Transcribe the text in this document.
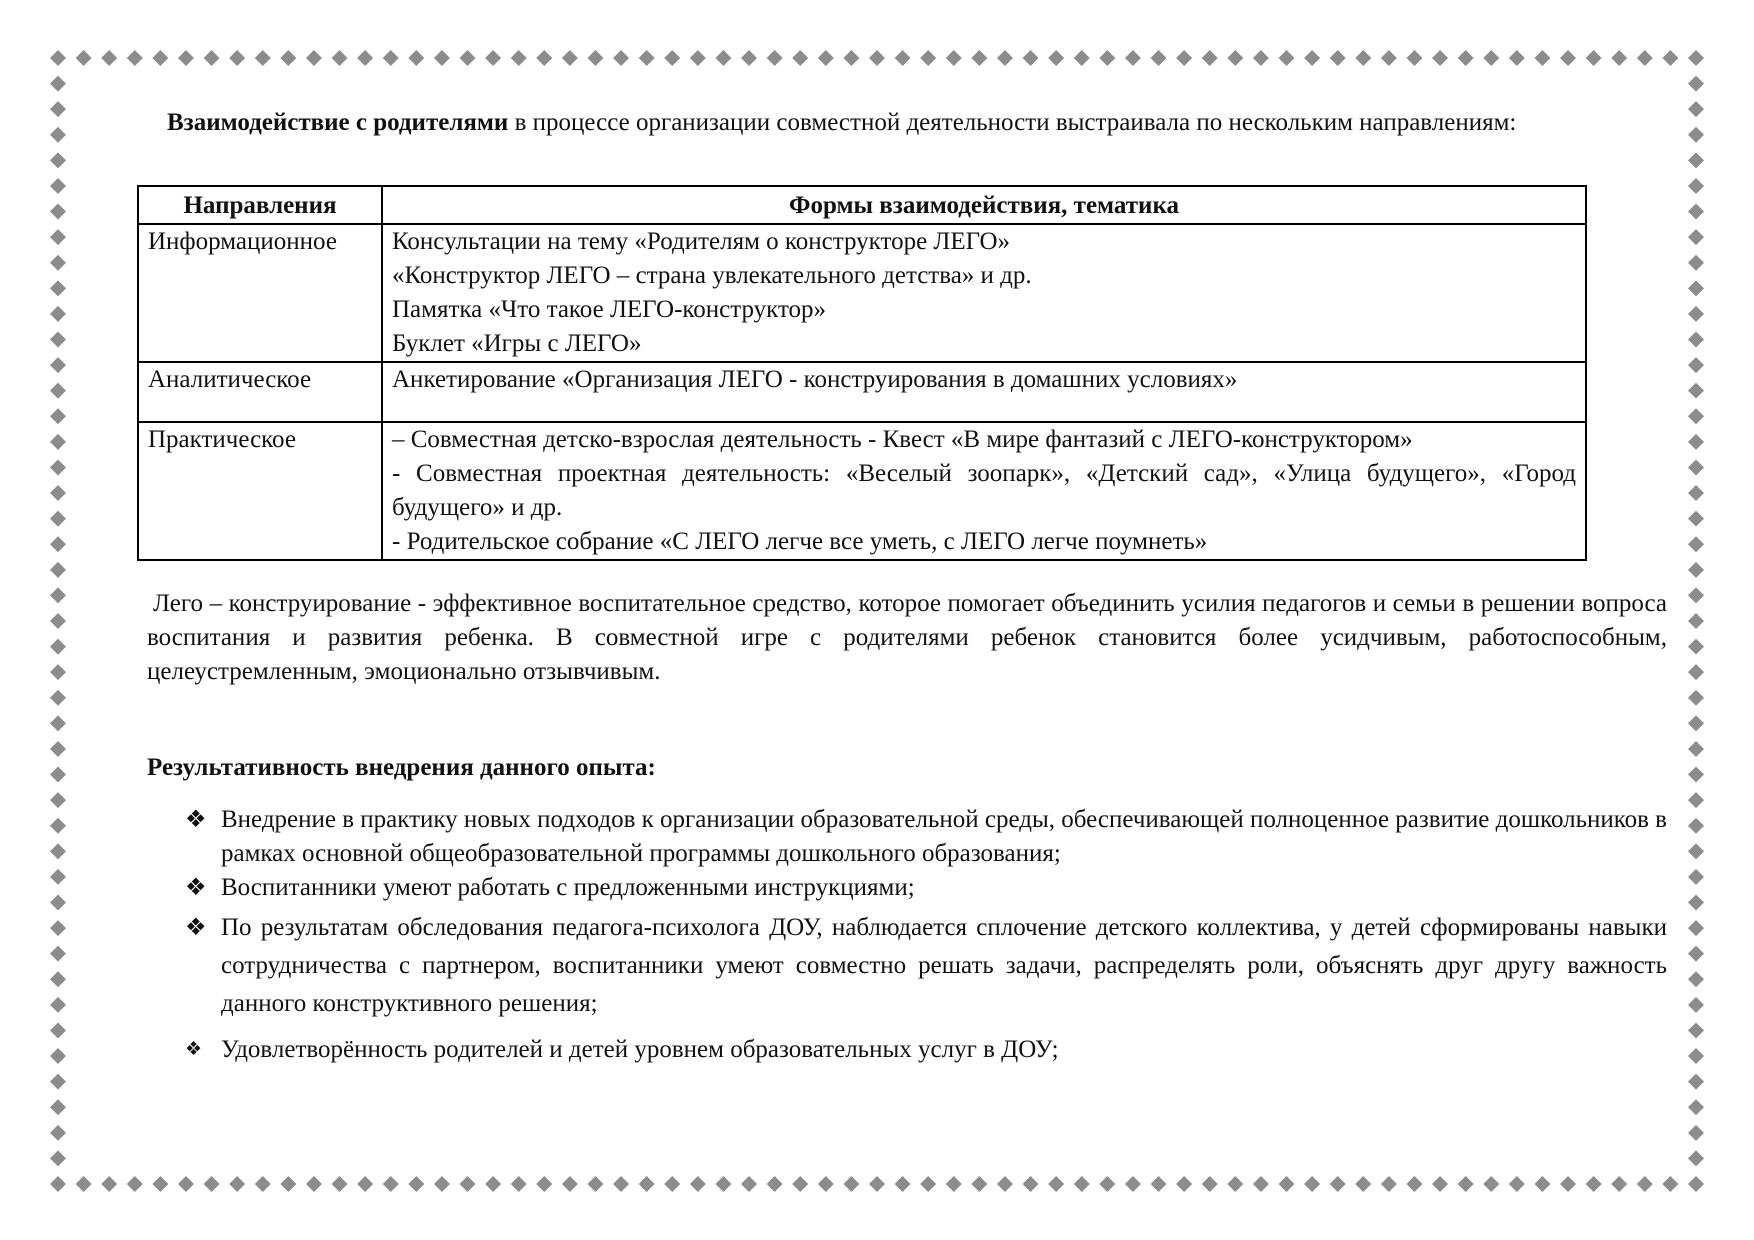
Взаимодействие с родителями в процессе организации совместной деятельности выстраивала по нескольким направлениям:

Направления	Формы взаимодействия, тематика
Информационное	Консультации на тему «Родителям о конструкторе ЛЕГО»
«Конструктор ЛЕГО – страна увлекательного детства» и др.
Памятка «Что такое ЛЕГО-конструктор»
Буклет «Игры с ЛЕГО»

Аналитическое	Анкетирование «Организация ЛЕГО - конструирования в домашних условиях»

Практическое	– Совместная детско-взрослая деятельность - Квест «В мире фантазий с ЛЕГО-конструктором»
- Совместная проектная деятельность: «Веселый зоопарк», «Детский сад», «Улица будущего», «Город будущего» и др.
- Родительское собрание «С ЛЕГО легче все уметь, с ЛЕГО легче поумнеть»

Лего – конструирование - эффективное воспитательное средство, которое помогает объединить усилия педагогов и семьи в решении вопроса воспитания и развития ребенка. В совместной игре с родителями ребенок становится более усидчивым, работоспособным, целеустремленным, эмоционально отзывчивым.

Результативность внедрения данного опыта:

❖ Внедрение в практику новых подходов к организации образовательной среды, обеспечивающей полноценное развитие дошкольников в рамках основной общеобразовательной программы дошкольного образования;
❖ Воспитанники умеют работать с предложенными инструкциями;
❖ По результатам обследования педагога-психолога ДОУ, наблюдается сплочение детского коллектива, у детей сформированы навыки сотрудничества с партнером, воспитанники умеют совместно решать задачи, распределять роли, объяснять друг другу важность данного конструктивного решения;
❖ Удовлетворённость родителей и детей уровнем образовательных услуг в ДОУ;
